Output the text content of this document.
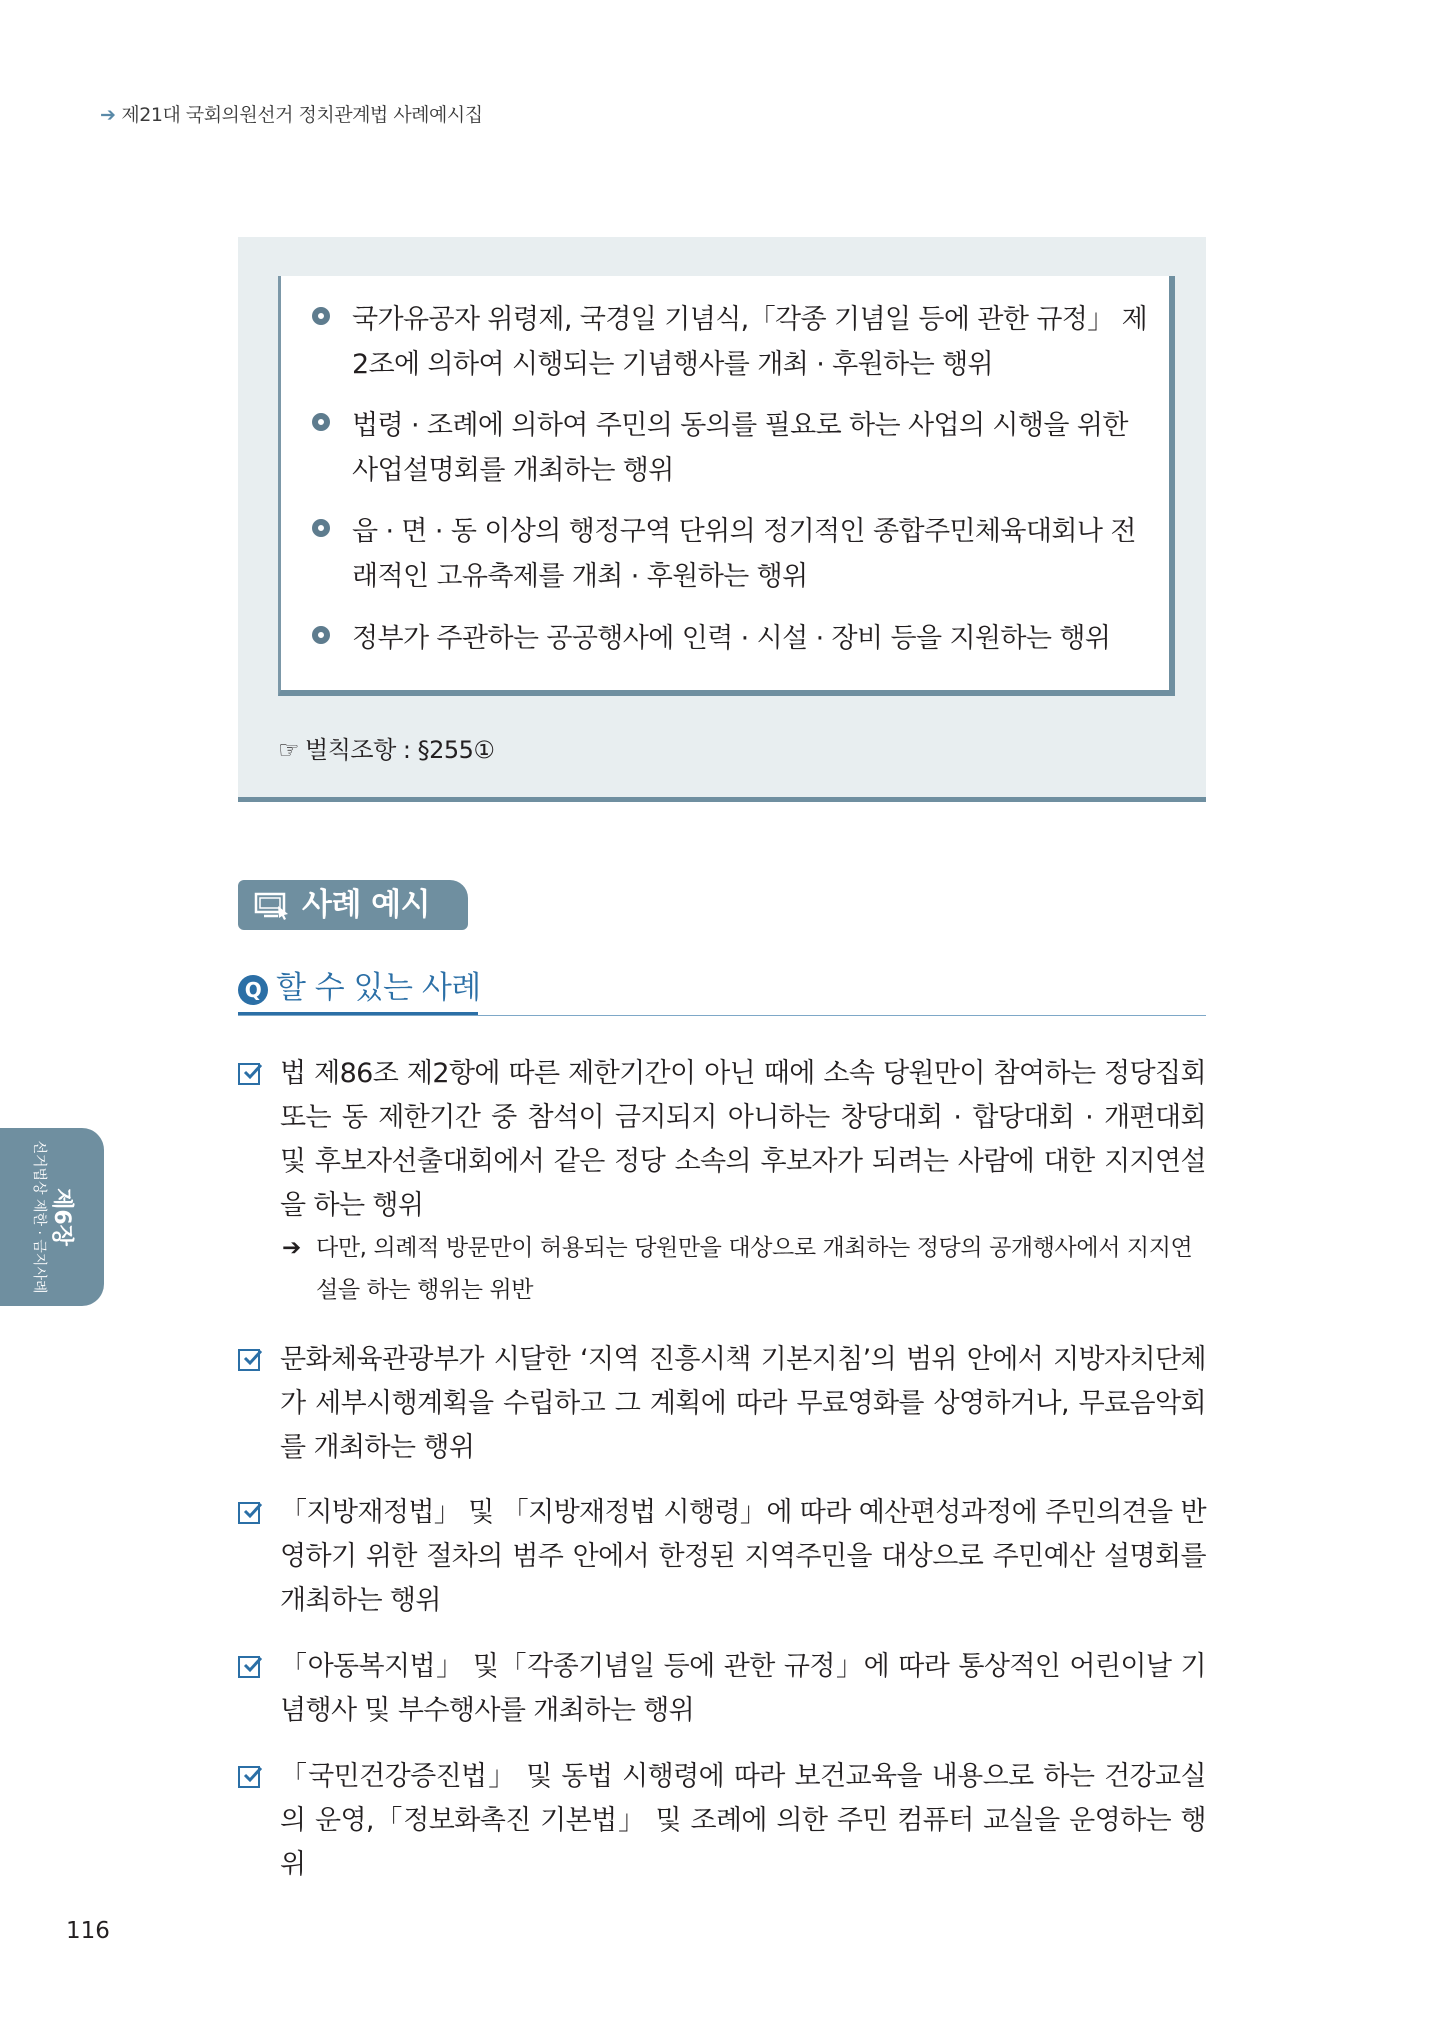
➔ 제21대 국회의원선거 정치관계법 사례예시집
국가유공자 위령제, 국경일 기념식,「각종 기념일 등에 관한 규정」 제2조에 의하여 시행되는 기념행사를 개최 · 후원하는 행위
법령 · 조례에 의하여 주민의 동의를 필요로 하는 사업의 시행을 위한 사업설명회를 개최하는 행위
읍 · 면 · 동 이상의 행정구역 단위의 정기적인 종합주민체육대회나 전래적인 고유축제를 개최 · 후원하는 행위
정부가 주관하는 공공행사에 인력 · 시설 · 장비 등을 지원하는 행위
☞ 벌칙조항 : §255①
사례 예시
Q 할 수 있는 사례
법 제86조 제2항에 따른 제한기간이 아닌 때에 소속 당원만이 참여하는 정당집회 또는 동 제한기간 중 참석이 금지되지 아니하는 창당대회 · 합당대회 · 개편대회 및 후보자선출대회에서 같은 정당 소속의 후보자가 되려는 사람에 대한 지지연설을 하는 행위
➔ 다만, 의례적 방문만이 허용되는 당원만을 대상으로 개최하는 정당의 공개행사에서 지지연설을 하는 행위는 위반
문화체육관광부가 시달한 ‘지역 진흥시책 기본지침’의 범위 안에서 지방자치단체가 세부시행계획을 수립하고 그 계획에 따라 무료영화를 상영하거나, 무료음악회를 개최하는 행위
「지방재정법」 및 「지방재정법 시행령」에 따라 예산편성과정에 주민의견을 반영하기 위한 절차의 범주 안에서 한정된 지역주민을 대상으로 주민예산 설명회를 개최하는 행위
「아동복지법」 및「각종기념일 등에 관한 규정」에 따라 통상적인 어린이날 기념행사 및 부수행사를 개최하는 행위
「국민건강증진법」 및 동법 시행령에 따라 보건교육을 내용으로 하는 건강교실의 운영,「정보화촉진 기본법」 및 조례에 의한 주민 컴퓨터 교실을 운영하는 행위
제6장
선거법상 제한 · 금지사례
116
